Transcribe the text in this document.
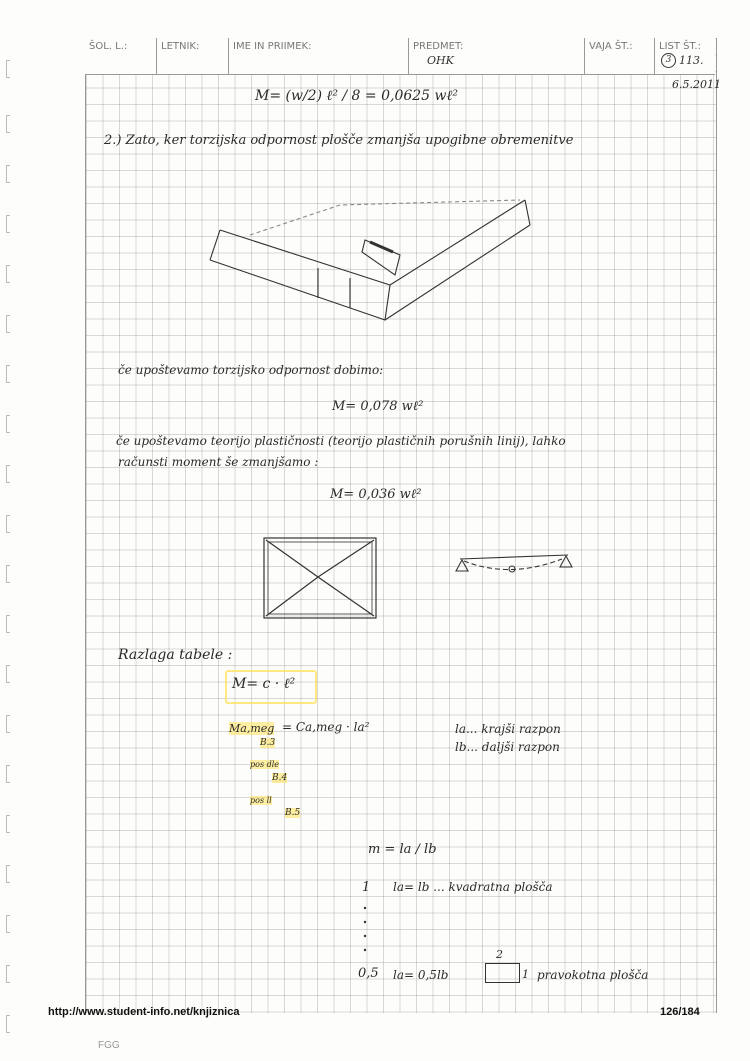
ŠOL. L.:	LETNIK:	IME IN PRIIMEK:	PREDMET:
OHK
VAJA ŠT.:	LIST ŠT.:
3 113.
6.5.2011
M= (w/2) ℓ² / 8 = 0,0625 wℓ²
2.) Zato, ker torzijska odpornost plošče zmanjša upogibne obremenitve
če upoštevamo torzijsko odpornost dobimo:
M= 0,078 wℓ²
če upoštevamo teorijo plastičnosti (teorijo plastičnih porušnih linij), lahko
računsti moment še zmanjšamo :
M= 0,036 wℓ²
Razlaga tabele :
M= c · ℓ²
Ma,meg = Ca,meg · la²
B.3
pos dle
B.4
pos ll
B.5
la... krajši razpon
lb... daljši razpon
m = la / lb
1 la= lb ... kvadratna plošča
0,5 la= 0,5lb
2
1 pravokotna plošča
http://www.student-info.net/knjiznica	126/184
FGG
